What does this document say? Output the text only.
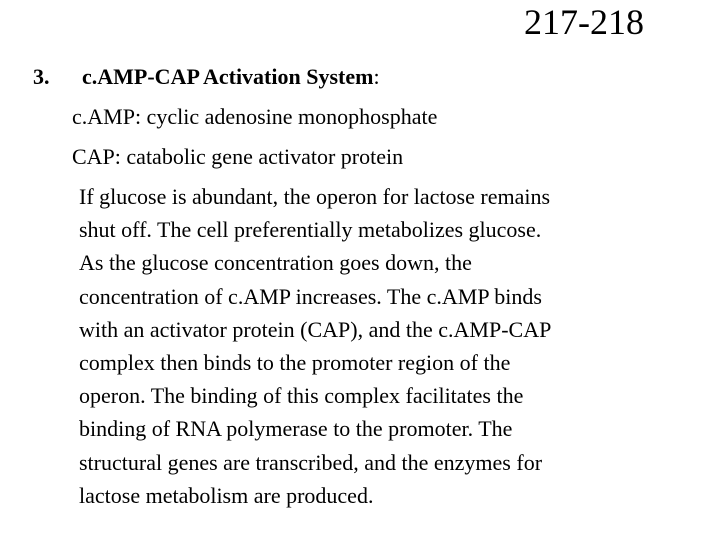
217-218
3. c.AMP-CAP Activation System:
c.AMP: cyclic adenosine monophosphate
CAP: catabolic gene activator protein

If glucose is abundant, the operon for lactose remains
shut off. The cell preferentially metabolizes glucose.
As the glucose concentration goes down, the
concentration of c.AMP increases. The c.AMP binds
with an activator protein (CAP), and the c.AMP-CAP
complex then binds to the promoter region of the
operon. The binding of this complex facilitates the
binding of RNA polymerase to the promoter. The
structural genes are transcribed, and the enzymes for
lactose metabolism are produced.
